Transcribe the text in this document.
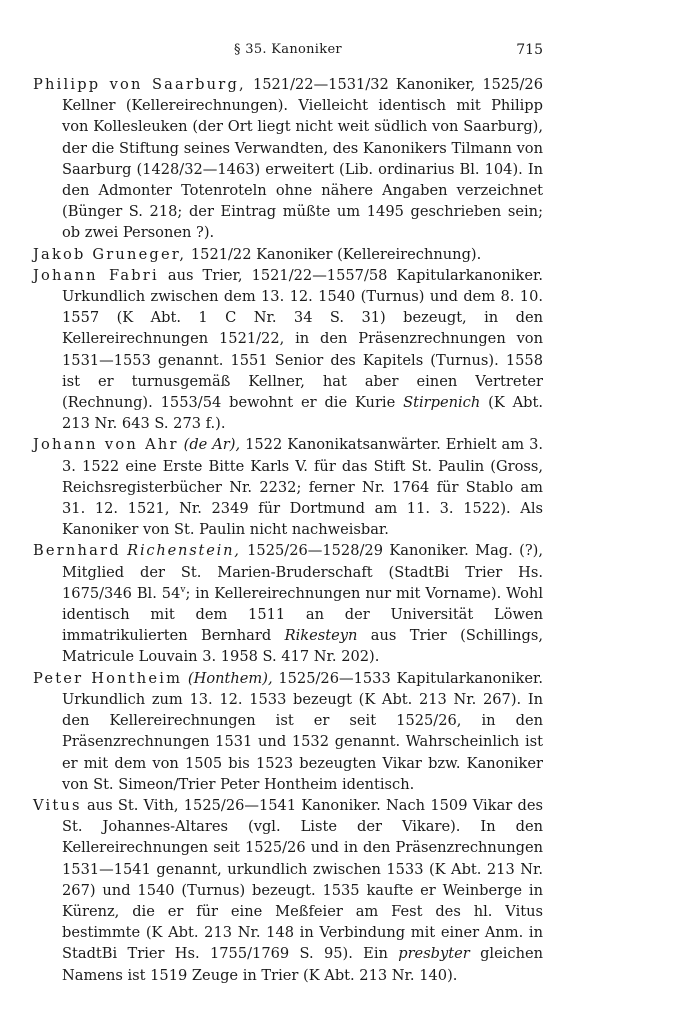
§ 35. Kanoniker	715

Philipp von Saarburg, 1521/22—1531/32 Kanoniker, 1525/26 Kellner (Kellereirechnungen). Vielleicht identisch mit Philipp von Kollesleuken (der Ort liegt nicht weit südlich von Saarburg), der die Stiftung seines Verwandten, des Kanonikers Tilmann von Saarburg (1428/32—1463) erweitert (Lib. ordinarius Bl. 104). In den Admonter Totenroteln ohne nähere Angaben verzeichnet (Bünger S. 218; der Eintrag müßte um 1495 geschrieben sein; ob zwei Personen ?).

Jakob Gruneger, 1521/22 Kanoniker (Kellereirechnung).

Johann Fabri aus Trier, 1521/22—1557/58 Kapitularkanoniker. Urkundlich zwischen dem 13. 12. 1540 (Turnus) und dem 8. 10. 1557 (K Abt. 1 C Nr. 34 S. 31) bezeugt, in den Kellereirechnungen 1521/22, in den Präsenzrechnungen von 1531—1553 genannt. 1551 Senior des Kapitels (Turnus). 1558 ist er turnusgemäß Kellner, hat aber einen Vertreter (Rechnung). 1553/54 bewohnt er die Kurie Stirpenich (K Abt. 213 Nr. 643 S. 273 f.).

Johann von Ahr (de Ar), 1522 Kanonikatsanwärter. Erhielt am 3. 3. 1522 eine Erste Bitte Karls V. für das Stift St. Paulin (Gross, Reichsregisterbücher Nr. 2232; ferner Nr. 1764 für Stablo am 31. 12. 1521, Nr. 2349 für Dortmund am 11. 3. 1522). Als Kanoniker von St. Paulin nicht nachweisbar.

Bernhard Richenstein, 1525/26—1528/29 Kanoniker. Mag. (?), Mitglied der St. Marien-Bruderschaft (StadtBi Trier Hs. 1675/346 Bl. 54$^v$; in Kellereirechnungen nur mit Vorname). Wohl identisch mit dem 1511 an der Universität Löwen immatrikulierten Bernhard Rikesteyn aus Trier (Schillings, Matricule Louvain 3. 1958 S. 417 Nr. 202).

Peter Hontheim (Honthem), 1525/26—1533 Kapitularkanoniker. Urkundlich zum 13. 12. 1533 bezeugt (K Abt. 213 Nr. 267). In den Kellereirechnungen ist er seit 1525/26, in den Präsenzrechnungen 1531 und 1532 genannt. Wahrscheinlich ist er mit dem von 1505 bis 1523 bezeugten Vikar bzw. Kanoniker von St. Simeon/Trier Peter Hontheim identisch.

Vitus aus St. Vith, 1525/26—1541 Kanoniker. Nach 1509 Vikar des St. Johannes-Altares (vgl. Liste der Vikare). In den Kellereirechnungen seit 1525/26 und in den Präsenzrechnungen 1531—1541 genannt, urkundlich zwischen 1533 (K Abt. 213 Nr. 267) und 1540 (Turnus) bezeugt. 1535 kaufte er Weinberge in Kürenz, die er für eine Meßfeier am Fest des hl. Vitus bestimmte (K Abt. 213 Nr. 148 in Verbindung mit einer Anm. in StadtBi Trier Hs. 1755/1769 S. 95). Ein presbyter gleichen Namens ist 1519 Zeuge in Trier (K Abt. 213 Nr. 140).
